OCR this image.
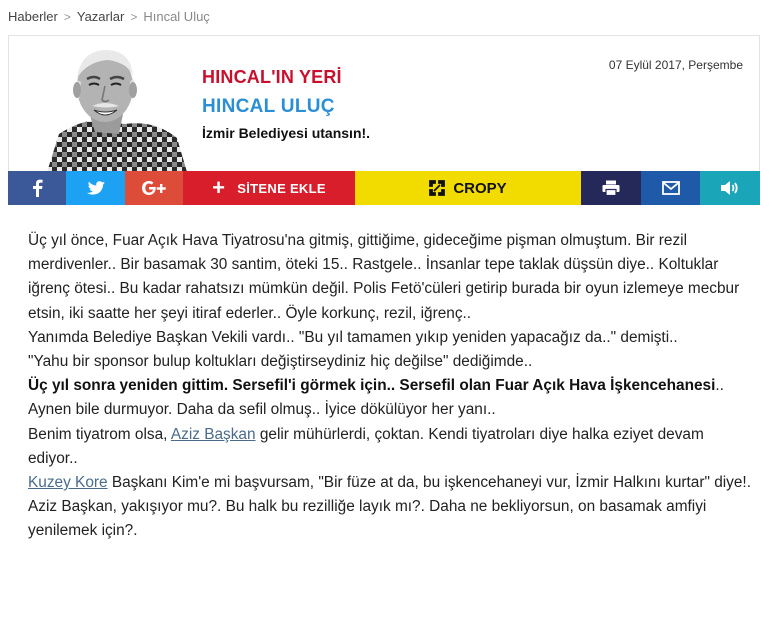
Haberler > Yazarlar > Hıncal Uluç
HINCAL'IN YERİ
HINCAL ULUÇ
İzmir Belediyesi utansın!.
07 Eylül 2017, Perşembe
+ SİTENE EKLE	CROPY

Üç yıl önce, Fuar Açık Hava Tiyatrosu'na gitmiş, gittiğime, gideceğime pişman olmuştum. Bir rezil merdivenler.. Bir basamak 30 santim, öteki 15.. Rastgele.. İnsanlar tepe taklak düşsün diye.. Koltuklar iğrenç ötesi.. Bu kadar rahatsızı mümkün değil. Polis Fetö'cüleri getirip burada bir oyun izlemeye mecbur etsin, iki saatte her şeyi itiraf ederler.. Öyle korkunç, rezil, iğrenç..

Yanımda Belediye Başkan Vekili vardı.. "Bu yıl tamamen yıkıp yeniden yapacağız da.." demişti..

"Yahu bir sponsor bulup koltukları değiştirseydiniz hiç değilse" dediğimde..

Üç yıl sonra yeniden gittim. Sersefil'i görmek için.. Sersefil olan Fuar Açık Hava İşkencehanesi.. Aynen bile durmuyor. Daha da sefil olmuş.. İyice dökülüyor her yanı..

Benim tiyatrom olsa, Aziz Başkan gelir mühürlerdi, çoktan. Kendi tiyatroları diye halka eziyet devam ediyor..

Kuzey Kore Başkanı Kim'e mi başvursam, "Bir füze at da, bu işkencehaneyi vur, İzmir Halkını kurtar" diye!.

Aziz Başkan, yakışıyor mu?. Bu halk bu rezilliğe layık mı?. Daha ne bekliyorsun, on basamak amfiyi yenilemek için?.
